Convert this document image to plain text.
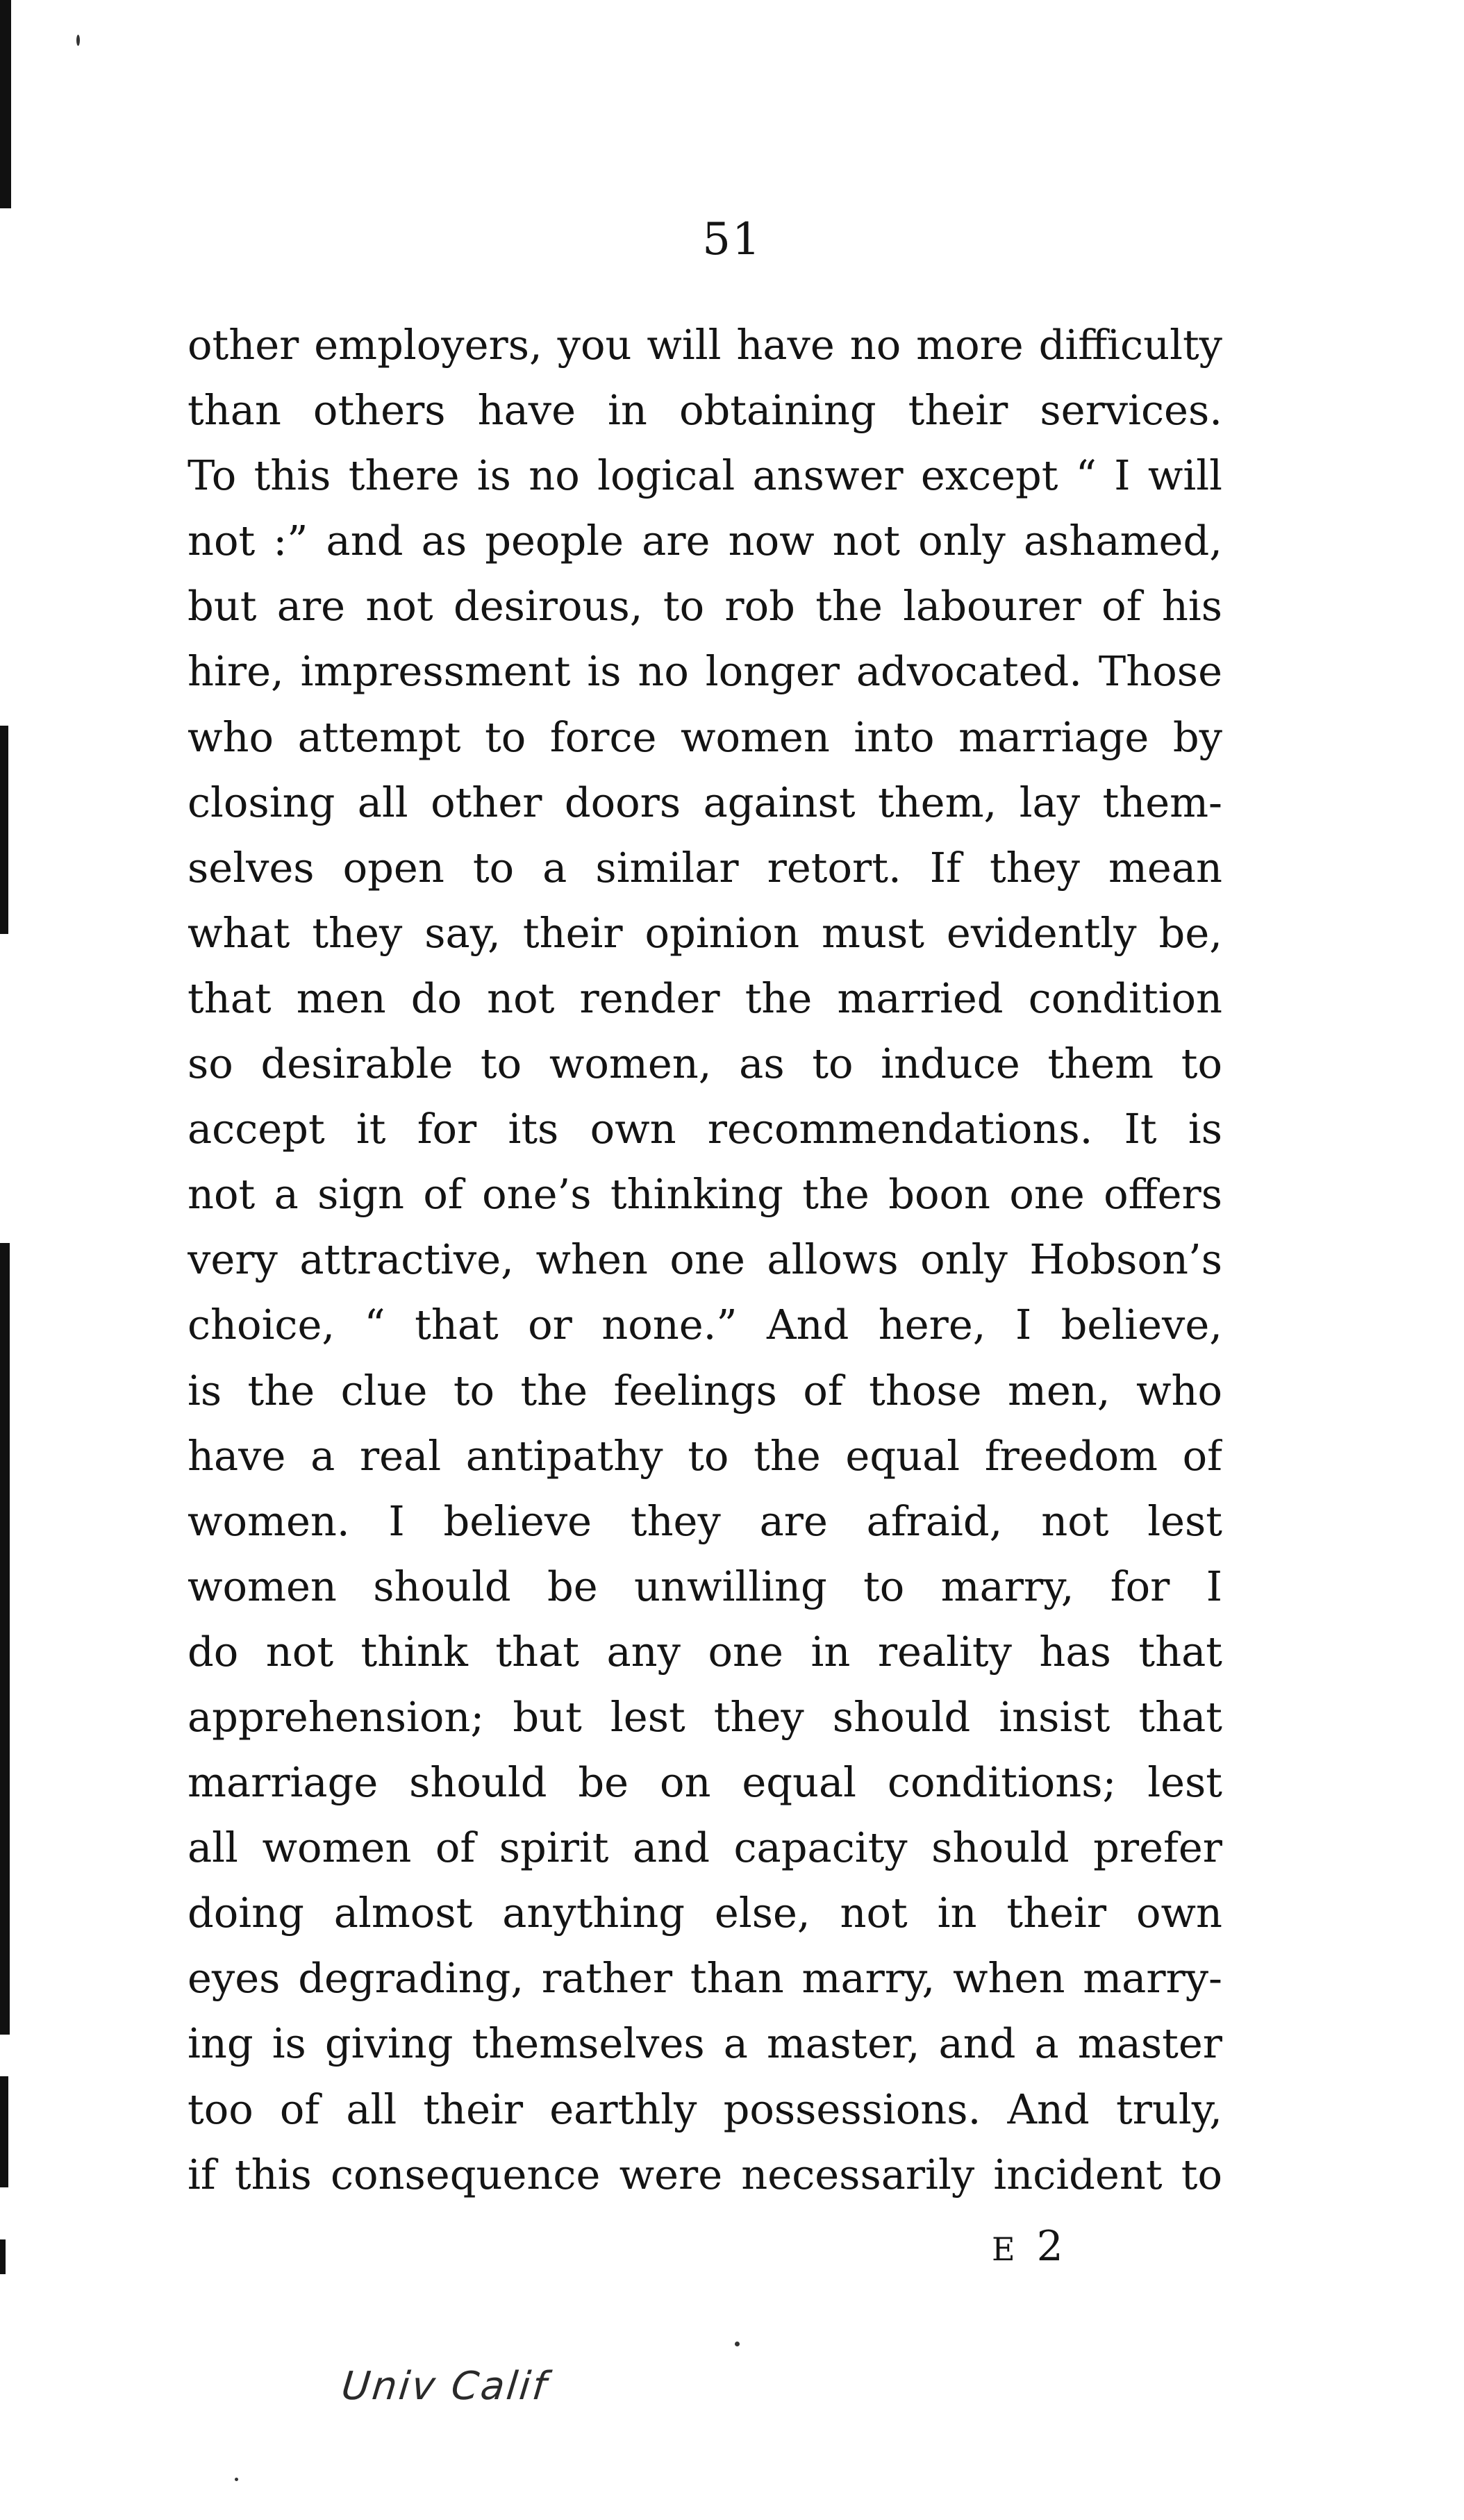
51
other employers, you will have no more difficulty
than others have in obtaining their services.
To this there is no logical answer except “ I will
not :” and as people are now not only ashamed,
but are not desirous, to rob the labourer of his
hire, impressment is no longer advocated. Those
who attempt to force women into marriage by
closing all other doors against them, lay them-
selves open to a similar retort. If they mean
what they say, their opinion must evidently be,
that men do not render the married condition
so desirable to women, as to induce them to
accept it for its own recommendations. It is
not a sign of one’s thinking the boon one offers
very attractive, when one allows only Hobson’s
choice, “ that or none.” And here, I believe,
is the clue to the feelings of those men, who
have a real antipathy to the equal freedom of
women. I believe they are afraid, not lest
women should be unwilling to marry, for I
do not think that any one in reality has that
apprehension; but lest they should insist that
marriage should be on equal conditions; lest
all women of spirit and capacity should prefer
doing almost anything else, not in their own
eyes degrading, rather than marry, when marry-
ing is giving themselves a master, and a master
too of all their earthly possessions. And truly,
if this consequence were necessarily incident to
E 2
Univ Calif
